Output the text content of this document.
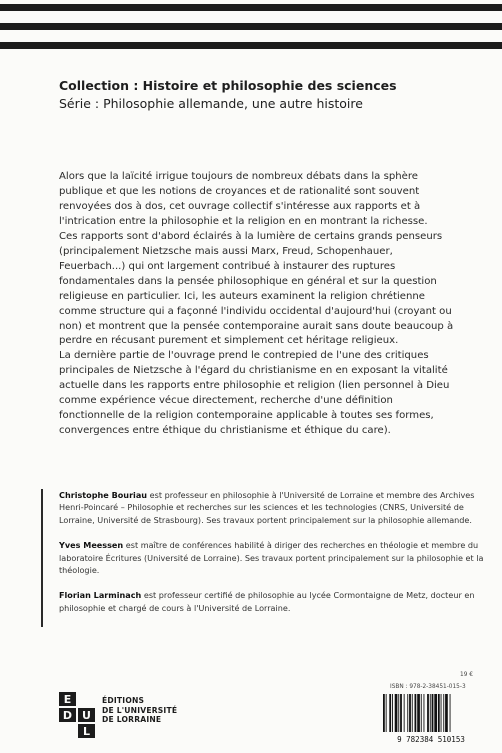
Collection : Histoire et philosophie des sciences
Série : Philosophie allemande, une autre histoire

Alors que la laïcité irrigue toujours de nombreux débats dans la sphère publique et que les notions de croyances et de rationalité sont souvent renvoyées dos à dos, cet ouvrage collectif s'intéresse aux rapports et à l'intrication entre la philosophie et la religion en en montrant la richesse.

Ces rapports sont d'abord éclairés à la lumière de certains grands penseurs (principalement Nietzsche mais aussi Marx, Freud, Schopenhauer, Feuerbach...) qui ont largement contribué à instaurer des ruptures fondamentales dans la pensée philosophique en général et sur la question religieuse en particulier. Ici, les auteurs examinent la religion chrétienne comme structure qui a façonné l'individu occidental d'aujourd'hui (croyant ou non) et montrent que la pensée contemporaine aurait sans doute beaucoup à perdre en récusant purement et simplement cet héritage religieux.

La dernière partie de l'ouvrage prend le contrepied de l'une des critiques principales de Nietzsche à l'égard du christianisme en en exposant la vitalité actuelle dans les rapports entre philosophie et religion (lien personnel à Dieu comme expérience vécue directement, recherche d'une définition fonctionnelle de la religion contemporaine applicable à toutes ses formes, convergences entre éthique du christianisme et éthique du care).

Christophe Bouriau est professeur en philosophie à l'Université de Lorraine et membre des Archives Henri-Poincaré – Philosophie et recherches sur les sciences et les technologies (CNRS, Université de Lorraine, Université de Strasbourg). Ses travaux portent principalement sur la philosophie allemande.
Yves Meessen est maître de conférences habilité à diriger des recherches en théologie et membre du laboratoire Écritures (Université de Lorraine). Ses travaux portent principalement sur la philosophie et la théologie.
Florian Larminach est professeur certifié de philosophie au lycée Cormontaigne de Metz, docteur en philosophie et chargé de cours à l'Université de Lorraine.
19 €
ISBN : 978-2-38451-015-3
E
D U
L
ÉDITIONS
DE L'UNIVERSITÉ
DE LORRAINE
9 782384 510153
